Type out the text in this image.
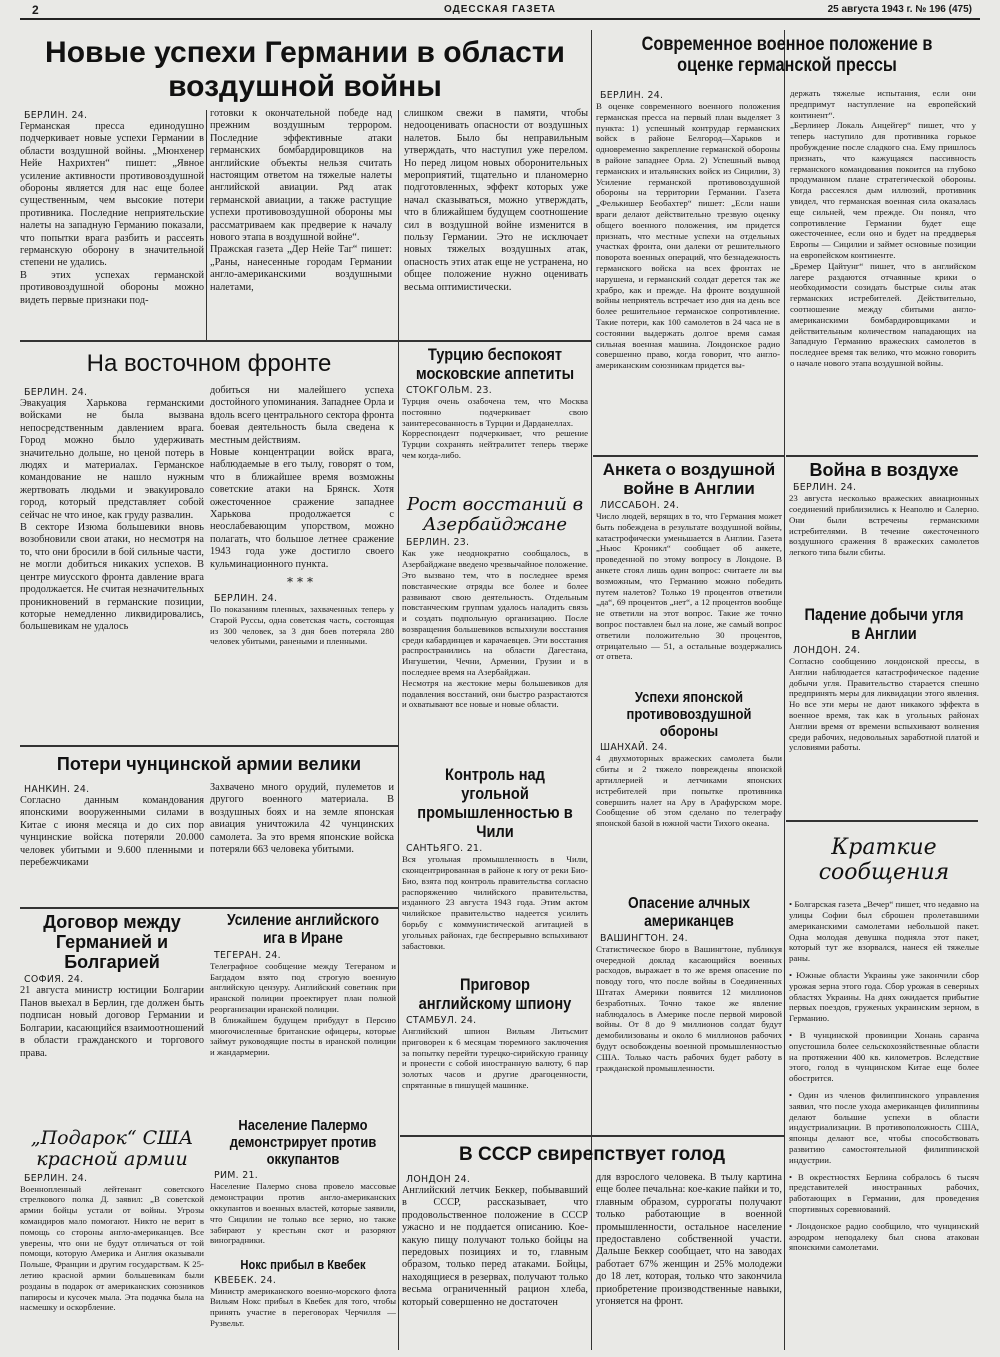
2	ОДЕССКАЯ ГАЗЕТА	25 августа 1943 г. № 196 (475)
Новые успехи Германии в области воздушной войны
БЕРЛИН. 24.

Германская пресса единодушно подчеркивает новые успехи Германии в области воздушной войны. „Мюнхенер Нейе Нахрихтен“ пишет: „Явное усиление активности противовоздушной обороны является для нас еще более существенным, чем высокие потери противника. Последние неприятельские налеты на западную Германию показали, что попытки врага разбить и рассеять германскую оборону в значительной степени не удались.
В этих успехах германской противовоздушной обороны можно видеть первые признаки под-

готовки к окончательной победе над прежним воздушным террором. Последние эффективные атаки германских бомбардировщиков на английские объекты нельзя считать настоящим ответом на тяжелые налеты английской авиации. Ряд атак германской авиации, а также растущие успехи противовоздушной обороны мы рассматриваем как предверие к началу нового этапа в воздушной войне“.
Пражская газета „Дер Нейе Таг“ пишет: „Раны, нанесенные городам Германии англо-американскими воздушными налетами,

слишком свежи в памяти, чтобы недооценивать опасности от воздушных налетов. Было бы неправильным утверждать, что наступил уже перелом. Но перед лицом новых оборонительных мероприятий, тщательно и планомерно подготовленных, эффект которых уже начал сказываться, можно утверждать, что в ближайшем будущем соотношение сил в воздушной войне изменится в пользу Германии. Это не исключает новых тяжелых воздушных атак, опасность этих атак еще не устранена, но общее положение нужно оценивать весьма оптимистически.

Современное военное положение в оценке германской прессы
БЕРЛИН. 24.

В оценке современного военного положения германская пресса на первый план выделяет 3 пункта: 1) успешный контрудар германских войск в районе Белгород—Харьков и одновременно закрепление германской обороны в районе западнее Орла. 2) Успешный вывод германских и итальянских войск из Сицилии, 3) Усиление германской противовоздушной обороны на территории Германии. Газета „Фелькишер Беобахтер“ пишет: „Если наши враги делают действительно трезвую оценку общего военного положения, им придется признать, что местные успехи на отдельных участках фронта, они далеки от решительного поворота военных операций, что безнадежность германского войска на всех фронтах не нарушена, и германский солдат дерется так же храбро, как и прежде. На фронте воздушной войны неприятель встречает изо дня на день все более решительное германское сопротивление. Такие потери, как 100 самолетов в 24 часа не в состоянии выдержать долгое время самая сильная военная машина. Лондонское радио совершенно право, когда говорит, что англо-американским союзникам придется вы-

держать тяжелые испытания, если они предпримут наступление на европейский континент“.
„Берлинер Локаль Анцейгер“ пишет, что у теперь наступило для противника горькое пробуждение после сладкого сна. Ему пришлось признать, что кажущаяся пассивность германского командования покоится на глубоко продуманном плане стратегической обороны. Когда рассеялся дым иллюзий, противник увидел, что германская военная сила оказалась еще сильней, чем прежде. Он понял, что сопротивление Германии будет еще ожесточеннее, если оно и будет на преддверья Европы — Сицилии и займет основные позиции на европейском континенте.
„Бремер Цайтунг“ пишет, что в английском лагере раздаются отчаянные крики о необходимости созидать быстрые силы атак германских истребителей. Действительно, соотношение между сбитыми англо-американскими бомбардировщиками и действительным количеством нападающих на Западную Германию вражеских самолетов в последнее время так велико, что можно говорить о начале нового этапа воздушной войны.

На восточном фронте
БЕРЛИН. 24.

Эвакуация Харькова германскими войсками не была вызвана непосредственным давлением врага. Город можно было удерживать значительно дольше, но ценой потерь в людях и материалах. Германское командование не нашло нужным жертвовать людьми и эвакуировало город, который представляет собой сейчас не что иное, как груду развалин.
В секторе Изюма большевики вновь возобновили свои атаки, но несмотря на то, что они бросили в бой сильные части, не могли добиться никаких успехов. В центре миусского фронта давление врага продолжается. Не считая незначительных проникновений в германские позиции, которые немедленно ликвидировались, большевикам не удалось

добиться ни малейшего успеха достойного упоминания. Западнее Орла и вдоль всего центрального сектора фронта боевая деятельность была сведена к местным действиям.
Новые концентрации войск врага, наблюдаемые в его тылу, говорят о том, что в ближайшее время возможны советские атаки на Брянск. Хотя ожесточенное сражение западнее Харькова продолжается с неослабевающим упорством, можно полагать, что большое летнее сражение 1943 года уже достигло своего кульминационного пункта.

***
БЕРЛИН. 24.

По показаниям пленных, захваченных теперь у Старой Руссы, одна советская часть, состоящая из 300 человек, за 3 дня боев потеряла 280 человек убитыми, ранеными и пленными.

Турцию беспокоят московские аппетиты
СТОКГОЛЬМ. 23.

Турция очень озабочена тем, что Москва постоянно подчеркивает свою заинтересованность в Турции и Дарданеллах.
Корреспондент подчеркивает, что решение Турции сохранять нейтралитет теперь тверже чем когда-либо.

Рост восстаний в Азербайджане
БЕРЛИН. 23.

Как уже неоднократно сообщалось, в Азербайджане введено чрезвычайное положение. Это вызвано тем, что в последнее время повстанческие отряды все более и более развивают свою деятельность. Отдельным повстанческим группам удалось наладить связь и создать подпольную организацию. После возвращения большевиков вспыхнули восстания среди кабардинцев и карачаевцев. Эти восстания распространились на области Дагестана, Ингушетии, Чечни, Армении, Грузии и в последнее время на Азербайджан.
Несмотря на жестокие меры большевиков для подавления восстаний, они быстро разрастаются и охватывают все новые и новые области.

Потери чунцинской армии велики
НАНКИН. 24.

Согласно данным командования японскими вооруженными силами в Китае с июня месяца и до сих пор чунцинские войска потеряли 20.000 человек убитыми и 9.600 пленными и перебежчиками

Захвачено много орудий, пулеметов и другого военного материала. В воздушных боях и на земле японская авиация уничтожила 42 чунцинских самолета. За это время японские войска потеряли 663 человека убитыми.

Контроль над угольной промышленностью в Чили
САНТЬЯГО. 21.

Вся угольная промышленность в Чили, сконцентрированная в районе к югу от реки Био-Био, взята под контроль правительства согласно распоряжению чилийского правительства, изданного 23 августа 1943 года. Этим актом чилийское правительство надеется усилить борьбу с коммунистической агитацией в угольных районах, где беспрерывно вспыхивают забастовки.

Договор между Германией и Болгарией
СОФИЯ. 24.

21 августа министр юстиции Болгарии Панов выехал в Берлин, где должен быть подписан новый договор Германии и Болгарии, касающийся взаимоотношений в области гражданского и торгового права.

Усиление английского ига в Иране
ТЕГЕРАН. 24.

Телеграфное сообщение между Тегераном и Багдадом взято под строгую военную английскую цензуру. Английский советник при иранской полиции проектирует план полной реорганизации иранской полиции.
В ближайшем будущем прибудут в Персию многочисленные британские офицеры, которые займут руководящие посты в иранской полиции и жандармерии.

Приговор английскому шпиону
СТАМБУЛ. 24.

Английский шпион Вильям Литьсмит приговорен к 6 месяцам тюремного заключения за попытку перейти турецко-сирийскую границу и пронести с собой иностранную валюту, 6 пар золотых часов и другие драгоценности, спрятанные в пишущей машинке.

„Подарок“ США красной армии
БЕРЛИН. 24.

Военнопленный лейтенант советского стрелкового полка Д. заявил: „В советской армии бойцы устали от войны. Угрозы командиров мало помогают. Никто не верит в помощь со стороны англо-американцев. Все уверены, что они не будут отличаться от той помощи, которую Америка и Англия оказывали Польше, Франции и другим государствам. К 25-летию красной армии большевикам были розданы в подарок от американских союзников папиросы и кусочек мыла. Эта подачка была на насмешку и оскорбление.

Население Палермо демонстрирует против оккупантов
РИМ. 21.

Население Палермо снова провело массовые демонстрации против англо-американских оккупантов и военных властей, которые заявили, что Сицилии не только все зерно, но также забирают у крестьян скот и разоряют виноградники.

Нокс прибыл в Квебек
КВЕБЕК. 24.

Министр американского военно-морского флота Вильям Нокс прибыл в Квебек для того, чтобы принять участие в переговорах Черчилля — Рузвельт.

В СССР свирепствует голод
ЛОНДОН 24.

Английский летчик Беккер, побывавший в СССР, рассказывает, что продовольственное положение в СССР ужасно и не поддается описанию. Кое-какую пищу получают только бойцы на передовых позициях и то, главным образом, только перед атаками. Бойцы, находящиеся в резервах, получают только весьма ограниченный рацион хлеба, который совершенно не достаточен

для взрослого человека. В тылу картина еще более печальна: кое-какие пайки и то, главным образом, суррогаты получают только работающие в военной промышленности, остальное население предоставлено собственной участи. Дальше Беккер сообщает, что на заводах работает 67% женщин и 25% молодежи до 18 лет, которая, только что закончила приобретение производственные навыки, угоняется на фронт.

Анкета о воздушной войне в Англии
ЛИССАБОН. 24.

Число людей, верящих в то, что Германия может быть побеждена в результате воздушной войны, катастрофически уменьшается в Англии. Газета „Ньюс Кроникл“ сообщает об анкете, проведенной по этому вопросу в Лондоне. В анкете стоял лишь один вопрос: считаете ли вы возможным, что Германию можно победить путем налетов? Только 19 процентов ответили „да“, 69 процентов „нет“, а 12 процентов вообще не ответили на этот вопрос. Такие же точно вопрос поставлен был на лоне, же самый вопрос ответили положительно 30 процентов, отрицательно — 51, а остальные воздержались от ответа.

Успехи японской противовоздушной обороны
ШАНХАЙ. 24.

4 двухмоторных вражеских самолета были сбиты и 2 тяжело повреждены японской артиллерией и летчиками японских истребителей при попытке противника совершить налет на Ару в Арафурском море. Сообщение об этом сделано по телеграфу японской базой в южной части Тихого океана.

Опасение алчных американцев
ВАШИНГТОН. 24.

Статистическое бюро в Вашингтоне, публикуя очередной доклад касающийся военных расходов, выражает в то же время опасение по поводу того, что после войны в Соединенных Штатах Америки появится 12 миллионов безработных. Точно такое же явление наблюдалось в Америке после первой мировой войны. От 8 до 9 миллионов солдат будут демобилизованы и около 6 миллионов рабочих будут освобождены военной промышленностью США. Только часть рабочих будет работу в гражданской промышленности.

Война в воздухе
БЕРЛИН. 24.

23 августа несколько вражеских авиационных соединений приблизились к Неаполю и Салерно. Они были встречены германскими истребителями. В течение ожесточенного воздушного сражения 8 вражеских самолетов легкого типа были сбиты.

Падение добычи угля в Англии
ЛОНДОН. 24.

Согласно сообщению лондонской прессы, в Англии наблюдается катастрофическое падение добычи угля. Правительство старается спешно предпринять меры для ликвидации этого явления. Но все эти меры не дают никакого эффекта в военное время, так как в угольных районах Англии время от времени вспыхивают волнения среди рабочих, недовольных заработной платой и условиями работы.

Краткие сообщения

• Болгарская газета „Вечер“ пишет, что недавно на улицы Софии был сброшен пролетавшими американскими самолетами небольшой пакет. Одна молодая девушка подняла этот пакет, который тут же взорвался, нанеся ей тяжелые раны.

• Южные области Украины уже закончили сбор урожая зерна этого года. Сбор урожая в северных областях Украины. На днях ожидается прибытие первых поездов, груженых украинским зерном, в Германию.

• В чунцинской провинции Хонань саранча опустошила более сельскохозяйственные области на протяжении 400 кв. километров. Вследствие этого, голод в чунцинском Китае еще более обострится.

• Один из членов филиппинского управления заявил, что после ухода американцев филиппины делают большие успехи в области индустриализации. В противоположность США, японцы делают все, чтобы способствовать развитию самостоятельной филиппинской индустрии.

• В окрестностях Берлина собралось 6 тысяч представителей иностранных рабочих, работающих в Германии, для проведения спортивных соревнований.

• Лондонское радио сообщило, что чунцинский аэродром неподалеку был снова атакован японскими самолетами.
